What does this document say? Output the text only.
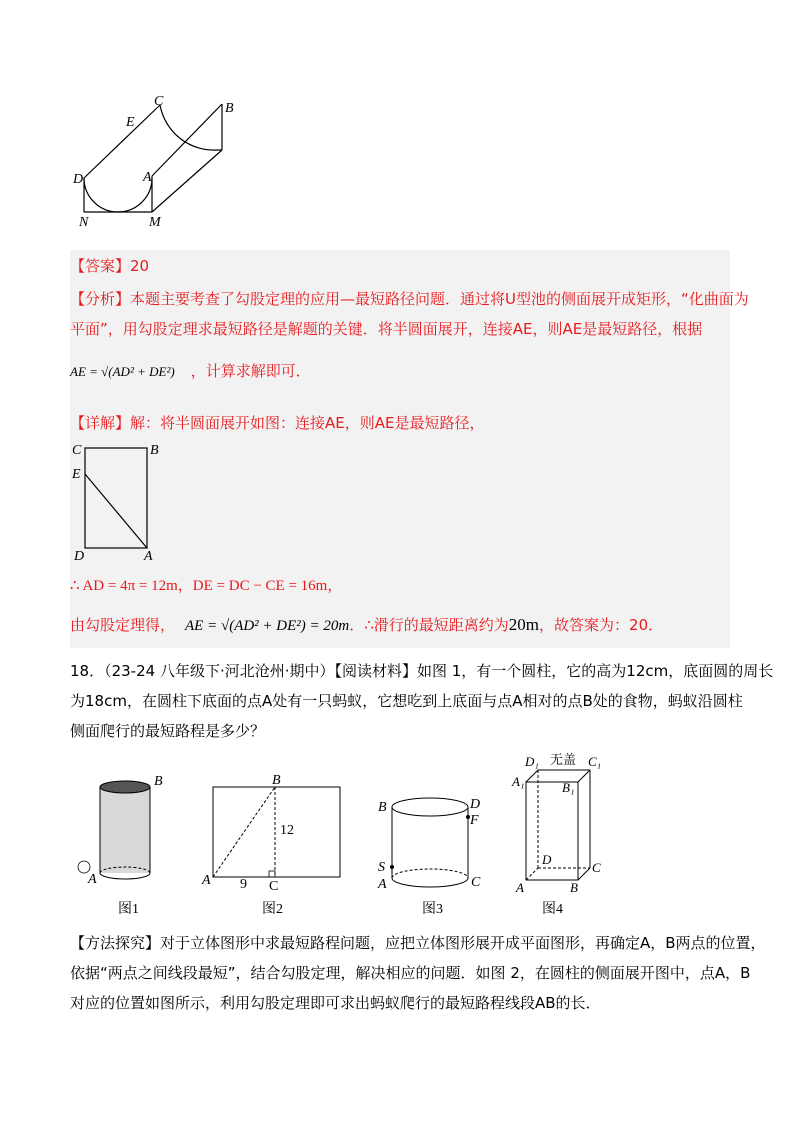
C	B
E
D	A
N	M
【答案】20
【分析】本题主要考查了勾股定理的应用—最短路径问题．通过将U型池的侧面展开成矩形，“化曲面为
平面”，用勾股定理求最短路径是解题的关键．将半圆面展开，连接AE，则AE是最短路径，根据
AE = √(AD² + DE²) ，计算求解即可．
【详解】解：将半圆面展开如图：连接AE，则AE是最短路径，
C	B
E
D	A
∴ AD = 4π = 12m，DE = DC − CE = 16m，
由勾股定理得， AE = √(AD² + DE²) = 20m．∴滑行的最短距离约为20m，故答案为：20．
18．（23-24 八年级下·河北沧州·期中）【阅读材料】如图 1，有一个圆柱，它的高为12cm，底面圆的周长
为18cm，在圆柱下底面的点A处有一只蚂蚁，它想吃到上底面与点A相对的点B处的食物，蚂蚁沿圆柱
侧面爬行的最短路程是多少？
B
A
图1
B
A	C
12
9
图2
B	D
F
S
A	C
图3
D₁	C₁
A₁	B₁
D
C
A	B
无盖
图4
【方法探究】对于立体图形中求最短路程问题，应把立体图形展开成平面图形，再确定A，B两点的位置，
依据“两点之间线段最短”，结合勾股定理，解决相应的问题．如图 2，在圆柱的侧面展开图中，点A，B
对应的位置如图所示，利用勾股定理即可求出蚂蚁爬行的最短路程线段AB的长．
